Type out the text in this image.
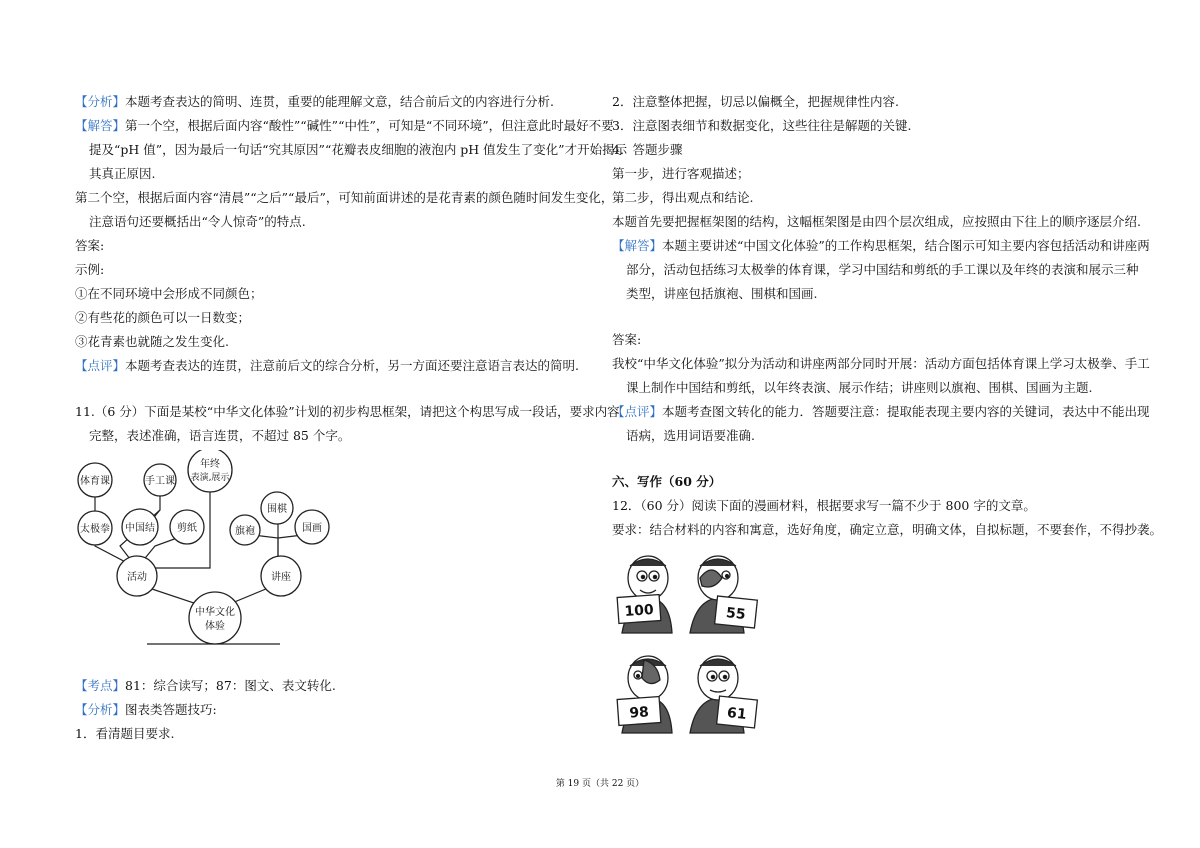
【分析】本题考查表达的简明、连贯，重要的能理解文意，结合前后文的内容进行分析.
【解答】第一个空，根据后面内容“酸性”“碱性”“中性”，可知是“不同环境”，但注意此时最好不要
提及“pH 值”，因为最后一句话“究其原因”“花瓣表皮细胞的液泡内 pH 值发生了变化”才开始揭示
其真正原因.
第二个空，根据后面内容“清晨”“之后”“最后”，可知前面讲述的是花青素的颜色随时间发生变化，
注意语句还要概括出“令人惊奇”的特点.
答案:
示例:
①在不同环境中会形成不同颜色；
②有些花的颜色可以一日数变；
③花青素也就随之发生变化.
【点评】本题考查表达的连贯，注意前后文的综合分析，另一方面还要注意语言表达的简明.
11.（6 分）下面是某校“中华文化体验”计划的初步构思框架，请把这个构思写成一段话，要求内容
完整，表述准确，语言连贯，不超过 85 个字。
体育课	手工课
年终
表演,展示
太极拳 中国结 剪纸
围棋
旗袍	国画
活动	讲座
中华文化
体验
【考点】81：综合读写；87：图文、表文转化.
【分析】图表类答题技巧:
1．看清题目要求.
2．注意整体把握，切忌以偏概全，把握规律性内容.
3．注意图表细节和数据变化，这些往往是解题的关键.
4．答题步骤
第一步，进行客观描述；
第二步，得出观点和结论.
本题首先要把握框架图的结构，这幅框架图是由四个层次组成，应按照由下往上的顺序逐层介绍.
【解答】本题主要讲述“中国文化体验”的工作构思框架，结合图示可知主要内容包括活动和讲座两
部分，活动包括练习太极拳的体育课，学习中国结和剪纸的手工课以及年终的表演和展示三种
类型，讲座包括旗袍、围棋和国画.
答案:
我校“中华文化体验”拟分为活动和讲座两部分同时开展：活动方面包括体育课上学习太极拳、手工
课上制作中国结和剪纸，以年终表演、展示作结；讲座则以旗袍、围棋、国画为主题.
【点评】本题考查图文转化的能力．答题要注意：提取能表现主要内容的关键词，表达中不能出现
语病，选用词语要准确.
六、写作（60 分）
12．（60 分）阅读下面的漫画材料，根据要求写一篇不少于 800 字的文章。
要求：结合材料的内容和寓意，选好角度，确定立意，明确文体，自拟标题，不要套作，不得抄袭。
100	55
98	61
第 19 页（共 22 页）
